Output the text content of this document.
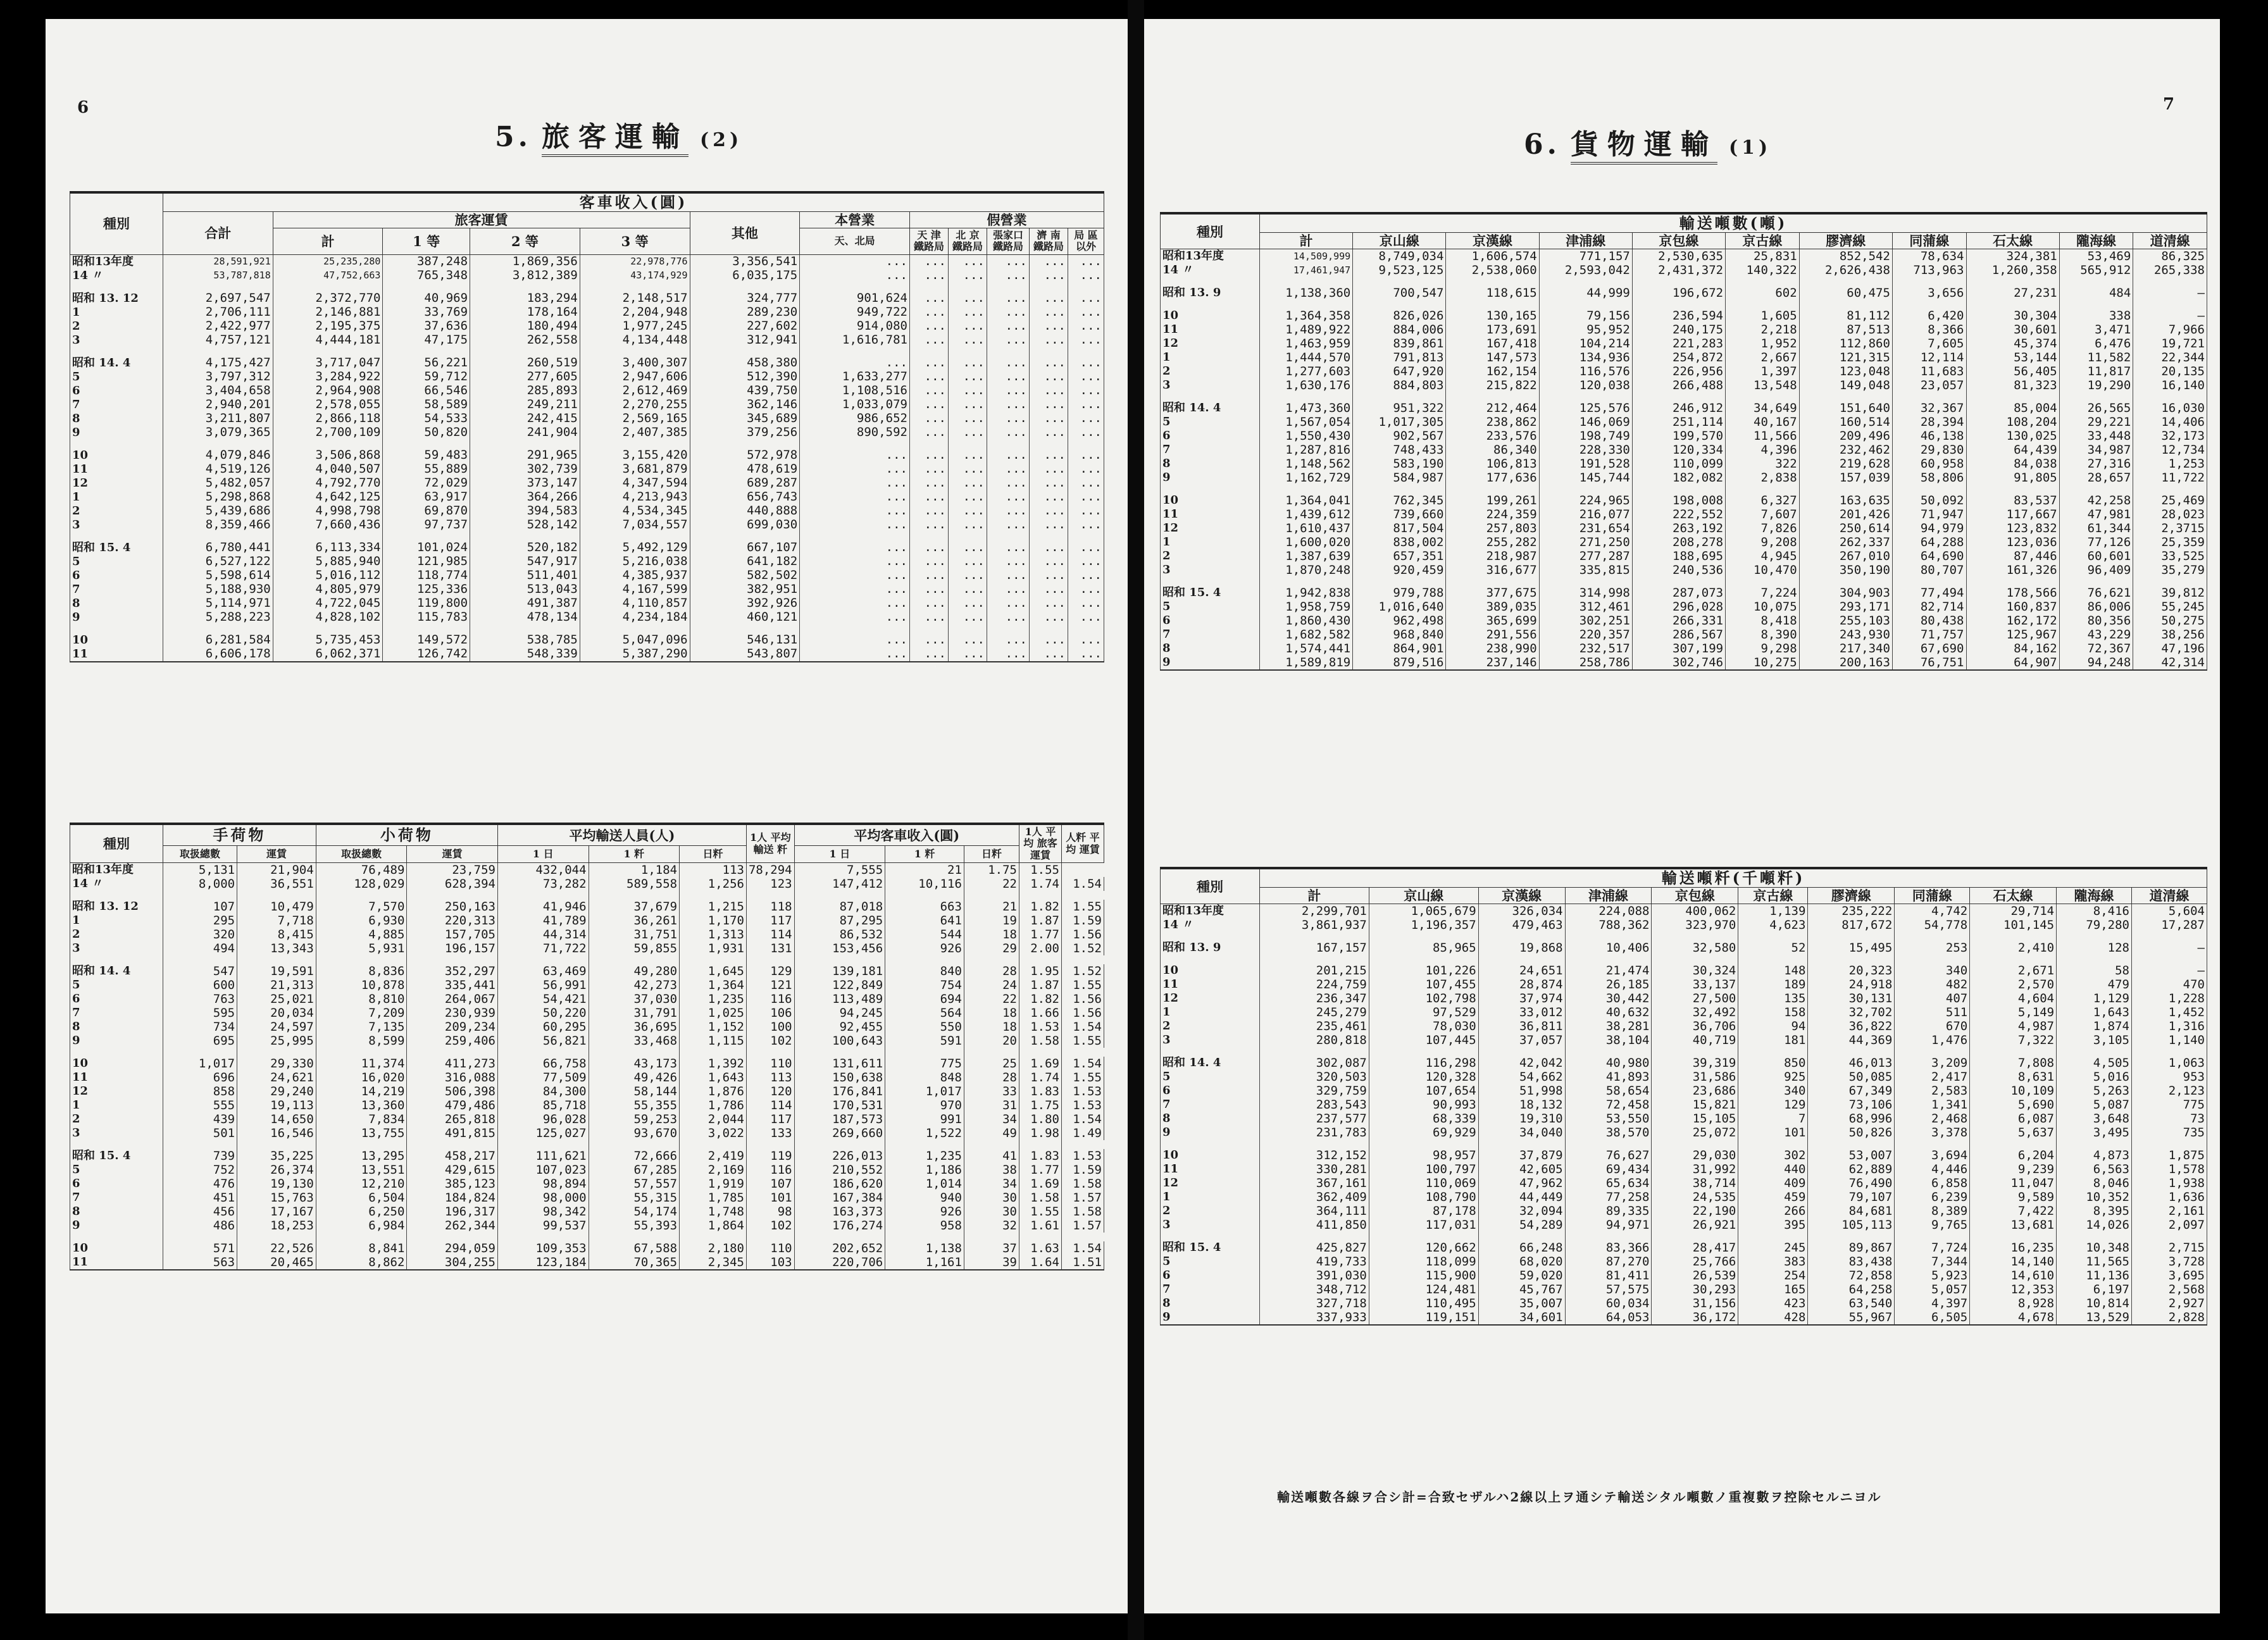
6
5. 旅客運輸 (2)
種別	客車收入(圓)											
	合計	旅客運賃				其他	本營業	假營業				
		計	1 等	2 等	3 等		天、北局	天 津 鐵路局	北 京 鐵路局	張家口 鐵路局	濟 南 鐵路局	局 區以外
昭和13年度	28,591,921	25,235,280	387,248	1,869,356	22,978,776	3,356,541	...	...	...	...	...	...
14 〃	53,787,818	47,752,663	765,348	3,812,389	43,174,929	6,035,175	...	...	...	...	...	...

昭和 13. 12	2,697,547	2,372,770	40,969	183,294	2,148,517	324,777	901,624	...	...	...	...	...
1	2,706,111	2,146,881	33,769	178,164	2,204,948	289,230	949,722	...	...	...	...	...
2	2,422,977	2,195,375	37,636	180,494	1,977,245	227,602	914,080	...	...	...	...	...
3	4,757,121	4,444,181	47,175	262,558	4,134,448	312,941	1,616,781	...	...	...	...	...

昭和 14. 4	4,175,427	3,717,047	56,221	260,519	3,400,307	458,380	...	...	...	...	...	...
5	3,797,312	3,284,922	59,712	277,605	2,947,606	512,390	1,633,277	...	...	...	...	...
6	3,404,658	2,964,908	66,546	285,893	2,612,469	439,750	1,108,516	...	...	...	...	...
7	2,940,201	2,578,055	58,589	249,211	2,270,255	362,146	1,033,079	...	...	...	...	...
8	3,211,807	2,866,118	54,533	242,415	2,569,165	345,689	986,652	...	...	...	...	...
9	3,079,365	2,700,109	50,820	241,904	2,407,385	379,256	890,592	...	...	...	...	...

10	4,079,846	3,506,868	59,483	291,965	3,155,420	572,978	...	...	...	...	...	...
11	4,519,126	4,040,507	55,889	302,739	3,681,879	478,619	...	...	...	...	...	...
12	5,482,057	4,792,770	72,029	373,147	4,347,594	689,287	...	...	...	...	...	...
1	5,298,868	4,642,125	63,917	364,266	4,213,943	656,743	...	...	...	...	...	...
2	5,439,686	4,998,798	69,870	394,583	4,534,345	440,888	...	...	...	...	...	...
3	8,359,466	7,660,436	97,737	528,142	7,034,557	699,030	...	...	...	...	...	...

昭和 15. 4	6,780,441	6,113,334	101,024	520,182	5,492,129	667,107	...	...	...	...	...	...
5	6,527,122	5,885,940	121,985	547,917	5,216,038	641,182	...	...	...	...	...	...
6	5,598,614	5,016,112	118,774	511,401	4,385,937	582,502	...	...	...	...	...	...
7	5,188,930	4,805,979	125,336	513,043	4,167,599	382,951	...	...	...	...	...	...
8	5,114,971	4,722,045	119,800	491,387	4,110,857	392,926	...	...	...	...	...	...
9	5,288,223	4,828,102	115,783	478,134	4,234,184	460,121	...	...	...	...	...	...

10	6,281,584	5,735,453	149,572	538,785	5,047,096	546,131	...	...	...	...	...	...
11	6,606,178	6,062,371	126,742	548,339	5,387,290	543,807	...	...	...	...	...	...
種別	手荷物		小荷物		平均輸送人員(人)			1人 平均 輸送 粁	平均客車收入(圓)			1人 平均 旅客 運賃	人粁 平均 運賃
	取扱總數	運賃	取扱總數	運賃	1 日	1 粁	日粁		1 日	1 粁	日粁		
昭和13年度	5,131	21,904	76,489	23,759	432,044	1,184	113	78,294	7,555	21	1.75	1.55	
14 〃	8,000	36,551	128,029	628,394	73,282	589,558	1,256	123	147,412	10,116	22	1.74	1.54

昭和 13. 12	107	10,479	7,570	250,163	41,946	37,679	1,215	118	87,018	663	21	1.82	1.55
1	295	7,718	6,930	220,313	41,789	36,261	1,170	117	87,295	641	19	1.87	1.59
2	320	8,415	4,885	157,705	44,314	31,751	1,313	114	86,532	544	18	1.77	1.56
3	494	13,343	5,931	196,157	71,722	59,855	1,931	131	153,456	926	29	2.00	1.52

昭和 14. 4	547	19,591	8,836	352,297	63,469	49,280	1,645	129	139,181	840	28	1.95	1.52
5	600	21,313	10,878	335,441	56,991	42,273	1,364	121	122,849	754	24	1.87	1.55
6	763	25,021	8,810	264,067	54,421	37,030	1,235	116	113,489	694	22	1.82	1.56
7	595	20,034	7,209	230,939	50,220	31,791	1,025	106	94,245	564	18	1.66	1.56
8	734	24,597	7,135	209,234	60,295	36,695	1,152	100	92,455	550	18	1.53	1.54
9	695	25,995	8,599	259,406	56,821	33,468	1,115	102	100,643	591	20	1.58	1.55

10	1,017	29,330	11,374	411,273	66,758	43,173	1,392	110	131,611	775	25	1.69	1.54
11	696	24,621	16,020	316,088	77,509	49,426	1,643	113	150,638	848	28	1.74	1.55
12	858	29,240	14,219	506,398	84,300	58,144	1,876	120	176,841	1,017	33	1.83	1.53
1	555	19,113	13,360	479,486	85,718	55,355	1,786	114	170,531	970	31	1.75	1.53
2	439	14,650	7,834	265,818	96,028	59,253	2,044	117	187,573	991	34	1.80	1.54
3	501	16,546	13,755	491,815	125,027	93,670	3,022	133	269,660	1,522	49	1.98	1.49

昭和 15. 4	739	35,225	13,295	458,217	111,621	72,666	2,419	119	226,013	1,235	41	1.83	1.53
5	752	26,374	13,551	429,615	107,023	67,285	2,169	116	210,552	1,186	38	1.77	1.59
6	476	19,130	12,210	385,123	98,894	57,557	1,919	107	186,620	1,014	34	1.69	1.58
7	451	15,763	6,504	184,824	98,000	55,315	1,785	101	167,384	940	30	1.58	1.57
8	456	17,167	6,250	196,317	98,342	54,174	1,748	98	163,373	926	30	1.55	1.58
9	486	18,253	6,984	262,344	99,537	55,393	1,864	102	176,274	958	32	1.61	1.57

10	571	22,526	8,841	294,059	109,353	67,588	2,180	110	202,652	1,138	37	1.63	1.54
11	563	20,465	8,862	304,255	123,184	70,365	2,345	103	220,706	1,161	39	1.64	1.51
7
6. 貨物運輸 (1)
種別	輸送噸數(噸)										
	計	京山線	京漢線	津浦線	京包線	京古線	膠濟線	同蒲線	石太線	隴海線	道清線
昭和13年度	14,509,999	8,749,034	1,606,574	771,157	2,530,635	25,831	852,542	78,634	324,381	53,469	86,325
14 〃	17,461,947	9,523,125	2,538,060	2,593,042	2,431,372	140,322	2,626,438	713,963	1,260,358	565,912	265,338

昭和 13. 9	1,138,360	700,547	118,615	44,999	196,672	602	60,475	3,656	27,231	484	—

10	1,364,358	826,026	130,165	79,156	236,594	1,605	81,112	6,420	30,304	338	—
11	1,489,922	884,006	173,691	95,952	240,175	2,218	87,513	8,366	30,601	3,471	7,966
12	1,463,959	839,861	167,418	104,214	221,283	1,952	112,860	7,605	45,374	6,476	19,721
1	1,444,570	791,813	147,573	134,936	254,872	2,667	121,315	12,114	53,144	11,582	22,344
2	1,277,603	647,920	162,154	116,576	226,956	1,397	123,048	11,683	56,405	11,817	20,135
3	1,630,176	884,803	215,822	120,038	266,488	13,548	149,048	23,057	81,323	19,290	16,140

昭和 14. 4	1,473,360	951,322	212,464	125,576	246,912	34,649	151,640	32,367	85,004	26,565	16,030
5	1,567,054	1,017,305	238,862	146,069	251,114	40,167	160,514	28,394	108,204	29,221	14,406
6	1,550,430	902,567	233,576	198,749	199,570	11,566	209,496	46,138	130,025	33,448	32,173
7	1,287,816	748,433	86,340	228,330	120,334	4,396	232,462	29,830	64,439	34,987	12,734
8	1,148,562	583,190	106,813	191,528	110,099	322	219,628	60,958	84,038	27,316	1,253
9	1,162,729	584,987	177,636	145,744	182,082	2,838	157,039	58,806	91,805	28,657	11,722

10	1,364,041	762,345	199,261	224,965	198,008	6,327	163,635	50,092	83,537	42,258	25,469
11	1,439,612	739,660	224,359	216,077	222,552	7,607	201,426	71,947	117,667	47,981	28,023
12	1,610,437	817,504	257,803	231,654	263,192	7,826	250,614	94,979	123,832	61,344	2,3715
1	1,600,020	838,002	255,282	271,250	208,278	9,208	262,337	64,288	123,036	77,126	25,359
2	1,387,639	657,351	218,987	277,287	188,695	4,945	267,010	64,690	87,446	60,601	33,525
3	1,870,248	920,459	316,677	335,815	240,536	10,470	350,190	80,707	161,326	96,409	35,279

昭和 15. 4	1,942,838	979,788	377,675	314,998	287,073	7,224	304,903	77,494	178,566	76,621	39,812
5	1,958,759	1,016,640	389,035	312,461	296,028	10,075	293,171	82,714	160,837	86,006	55,245
6	1,860,430	962,498	365,699	302,251	266,331	8,418	255,103	80,438	162,172	80,356	50,275
7	1,682,582	968,840	291,556	220,357	286,567	8,390	243,930	71,757	125,967	43,229	38,256
8	1,574,441	864,901	238,990	232,517	307,199	9,298	217,340	67,690	84,162	72,367	47,196
9	1,589,819	879,516	237,146	258,786	302,746	10,275	200,163	76,751	64,907	94,248	42,314
種別	輸送噸粁(千噸粁)										
	計	京山線	京漢線	津浦線	京包線	京古線	膠濟線	同蒲線	石太線	隴海線	道清線
昭和13年度	2,299,701	1,065,679	326,034	224,088	400,062	1,139	235,222	4,742	29,714	8,416	5,604
14 〃	3,861,937	1,196,357	479,463	788,362	323,970	4,623	817,672	54,778	101,145	79,280	17,287

昭和 13. 9	167,157	85,965	19,868	10,406	32,580	52	15,495	253	2,410	128	—

10	201,215	101,226	24,651	21,474	30,324	148	20,323	340	2,671	58	—
11	224,759	107,455	28,874	26,185	33,137	189	24,918	482	2,570	479	470
12	236,347	102,798	37,974	30,442	27,500	135	30,131	407	4,604	1,129	1,228
1	245,279	97,529	33,012	40,632	32,492	158	32,702	511	5,149	1,643	1,452
2	235,461	78,030	36,811	38,281	36,706	94	36,822	670	4,987	1,874	1,316
3	280,818	107,445	37,057	38,104	40,719	181	44,369	1,476	7,322	3,105	1,140

昭和 14. 4	302,087	116,298	42,042	40,980	39,319	850	46,013	3,209	7,808	4,505	1,063
5	320,503	120,328	54,662	41,893	31,586	925	50,085	2,417	8,631	5,016	953
6	329,759	107,654	51,998	58,654	23,686	340	67,349	2,583	10,109	5,263	2,123
7	283,543	90,993	18,132	72,458	15,821	129	73,106	1,341	5,690	5,087	775
8	237,577	68,339	19,310	53,550	15,105	7	68,996	2,468	6,087	3,648	73
9	231,783	69,929	34,040	38,570	25,072	101	50,826	3,378	5,637	3,495	735

10	312,152	98,957	37,879	76,627	29,030	302	53,007	3,694	6,204	4,873	1,875
11	330,281	100,797	42,605	69,434	31,992	440	62,889	4,446	9,239	6,563	1,578
12	367,161	110,069	47,962	65,634	38,714	409	76,490	6,858	11,047	8,046	1,938
1	362,409	108,790	44,449	77,258	24,535	459	79,107	6,239	9,589	10,352	1,636
2	364,111	87,178	32,094	89,335	22,190	266	84,681	8,389	7,422	8,395	2,161
3	411,850	117,031	54,289	94,971	26,921	395	105,113	9,765	13,681	14,026	2,097

昭和 15. 4	425,827	120,662	66,248	83,366	28,417	245	89,867	7,724	16,235	10,348	2,715
5	419,733	118,099	68,020	87,270	25,766	383	83,438	7,344	14,140	11,565	3,728
6	391,030	115,900	59,020	81,411	26,539	254	72,858	5,923	14,610	11,136	3,695
7	348,712	124,481	45,767	57,575	30,293	165	64,258	5,057	12,353	6,197	2,568
8	327,718	110,495	35,007	60,034	31,156	423	63,540	4,397	8,928	10,814	2,927
9	337,933	119,151	34,601	64,053	36,172	428	55,967	6,505	4,678	13,529	2,828
輸送噸數各線ヲ合シ計=合致セザルハ2線以上ヲ通シテ輸送シタル噸數ノ重複數ヲ控除セルニヨル
